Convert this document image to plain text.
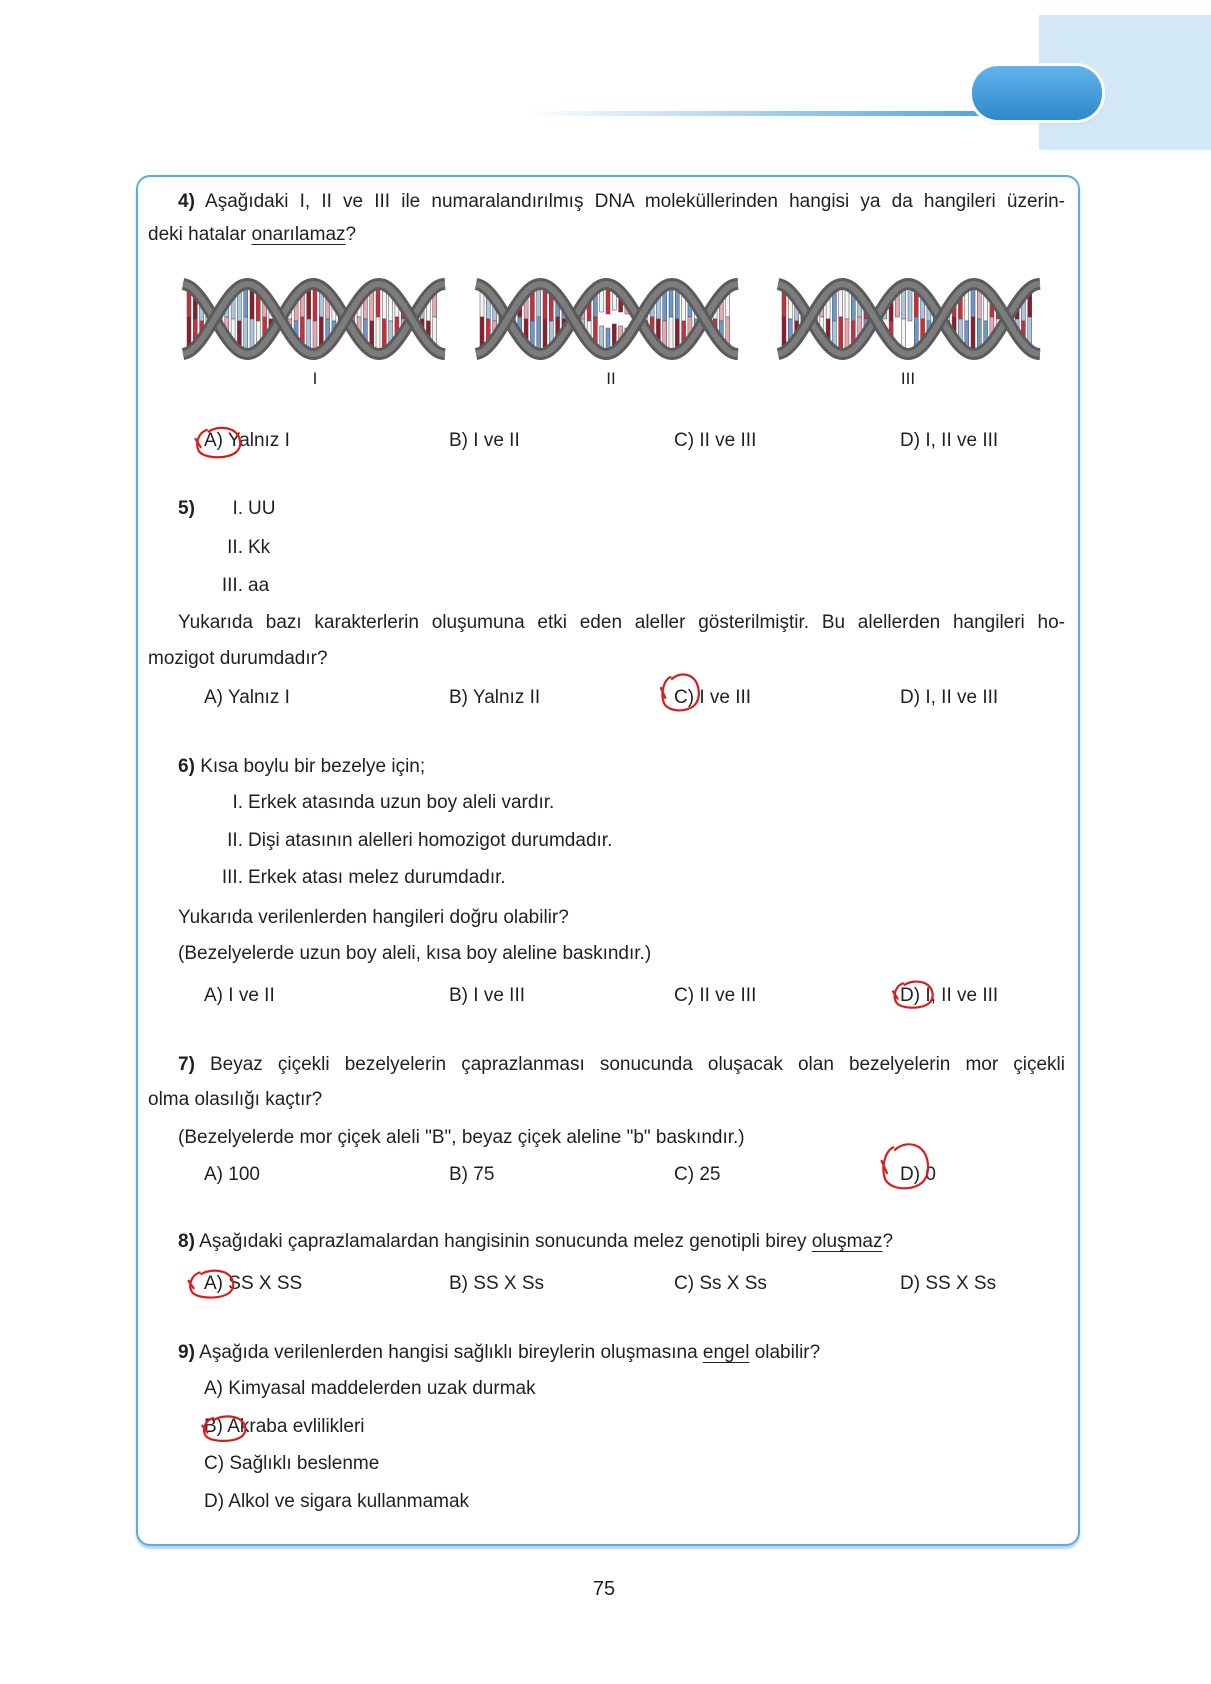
4) Aşağıdaki I, II ve III ile numaralandırılmış DNA moleküllerinden hangisi ya da hangileri üzerin-
deki hatalar onarılamaz?
I	II	III
A) Yalnız I	B) I ve II	C) II ve III	D) I, II ve III
5)	I. UU
II. Kk
III. aa
Yukarıda bazı karakterlerin oluşumuna etki eden aleller gösterilmiştir. Bu alellerden hangileri ho-
mozigot durumdadır?
A) Yalnız I	B) Yalnız II	C) I ve III	D) I, II ve III
6) Kısa boylu bir bezelye için;
I. Erkek atasında uzun boy aleli vardır.
II. Dişi atasının alelleri homozigot durumdadır.
III. Erkek atası melez durumdadır.
Yukarıda verilenlerden hangileri doğru olabilir?
(Bezelyelerde uzun boy aleli, kısa boy aleline baskındır.)
A) I ve II	B) I ve III	C) II ve III	D) I, II ve III
7) Beyaz çiçekli bezelyelerin çaprazlanması sonucunda oluşacak olan bezelyelerin mor çiçekli
olma olasılığı kaçtır?
(Bezelyelerde mor çiçek aleli "B", beyaz çiçek aleline "b" baskındır.)
A) 100	B) 75	C) 25	D) 0
8) Aşağıdaki çaprazlamalardan hangisinin sonucunda melez genotipli birey oluşmaz?
A) SS X SS	B) SS X Ss	C) Ss X Ss	D) SS X Ss
9) Aşağıda verilenlerden hangisi sağlıklı bireylerin oluşmasına engel olabilir?
A) Kimyasal maddelerden uzak durmak
B) Akraba evlilikleri
C) Sağlıklı beslenme
D) Alkol ve sigara kullanmamak
75
